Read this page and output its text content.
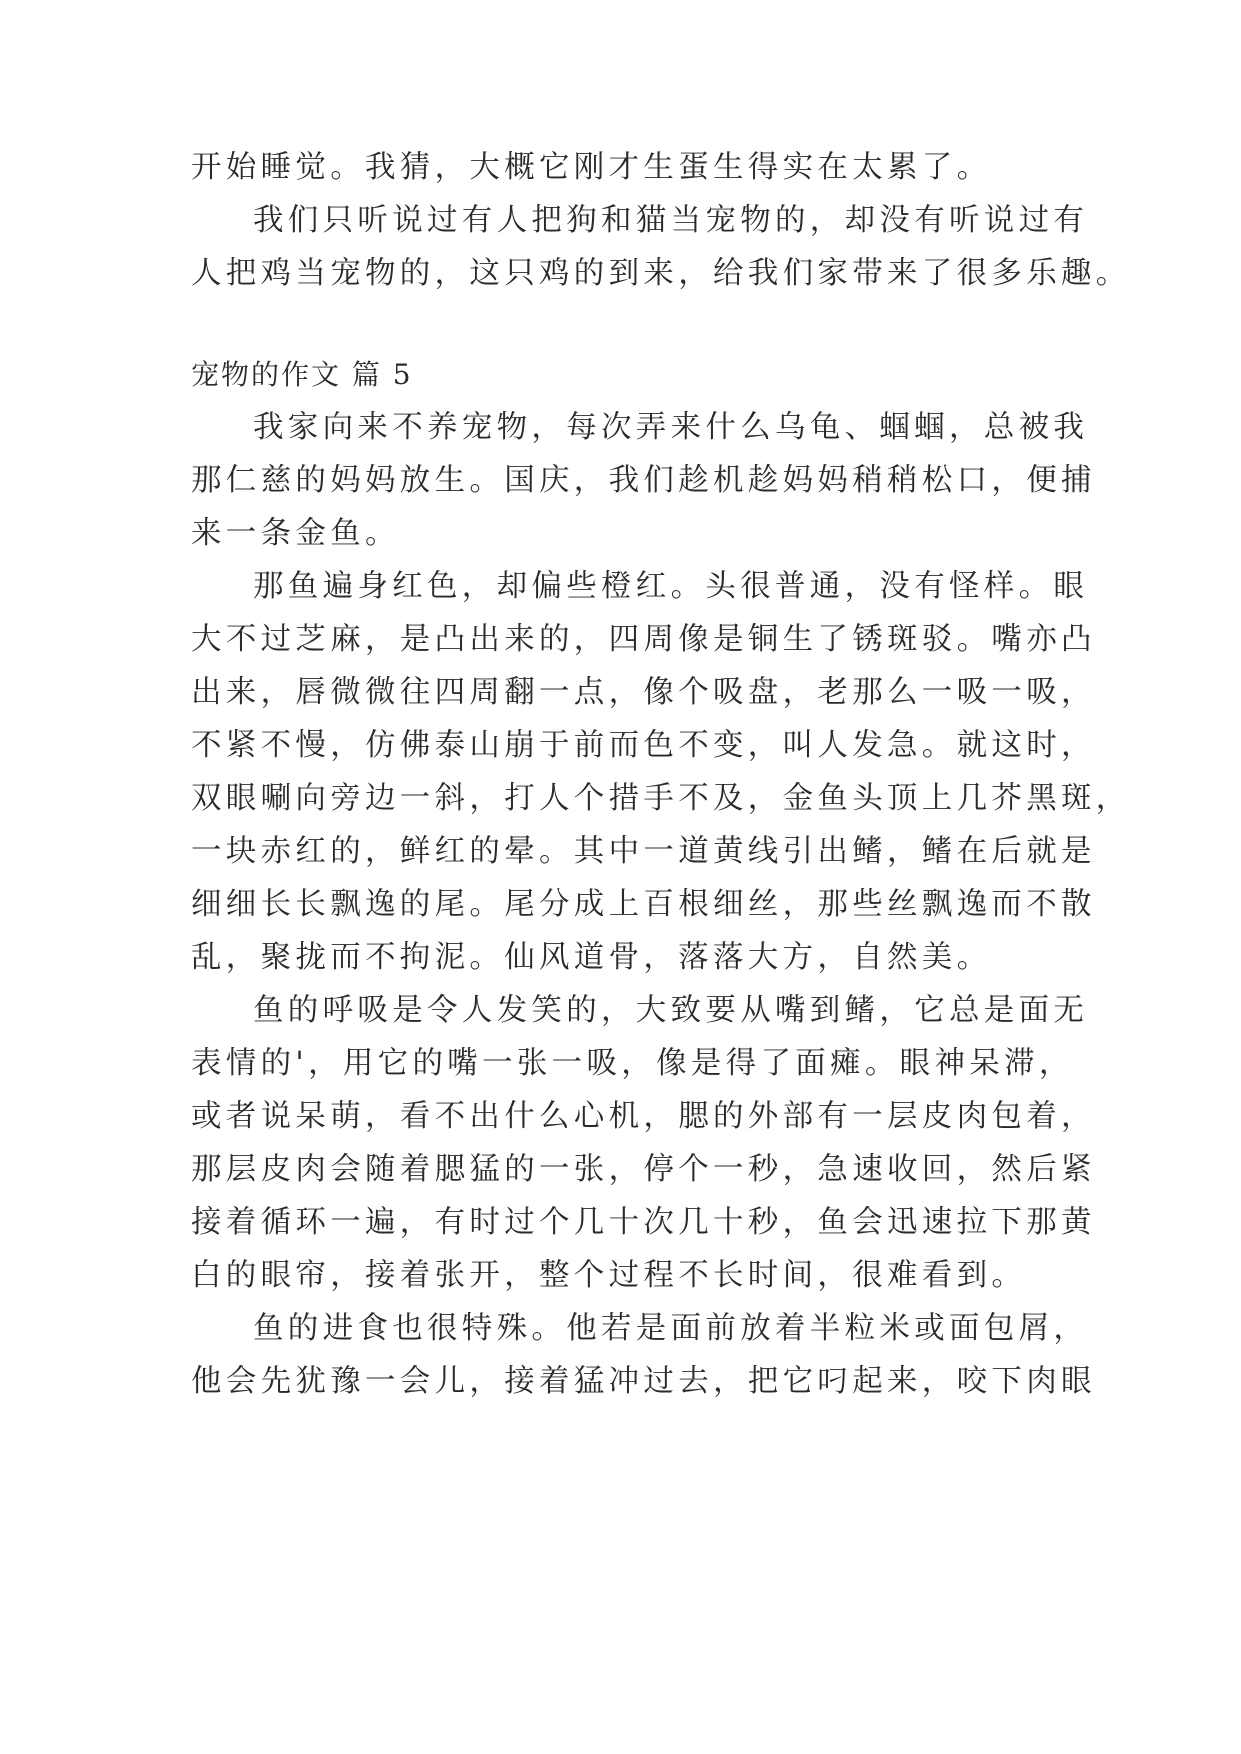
开始睡觉。我猜，大概它刚才生蛋生得实在太累了。
我们只听说过有人把狗和猫当宠物的，却没有听说过有
人把鸡当宠物的，这只鸡的到来，给我们家带来了很多乐趣。
宠物的作文 篇 5
我家向来不养宠物，每次弄来什么乌龟、蝈蝈，总被我
那仁慈的妈妈放生。国庆，我们趁机趁妈妈稍稍松口，便捕
来一条金鱼。
那鱼遍身红色，却偏些橙红。头很普通，没有怪样。眼
大不过芝麻，是凸出来的，四周像是铜生了锈斑驳。嘴亦凸
出来，唇微微往四周翻一点，像个吸盘，老那么一吸一吸，
不紧不慢，仿佛泰山崩于前而色不变，叫人发急。就这时，
双眼唰向旁边一斜，打人个措手不及，金鱼头顶上几芥黑斑，
一块赤红的，鲜红的晕。其中一道黄线引出鳍，鳍在后就是
细细长长飘逸的尾。尾分成上百根细丝，那些丝飘逸而不散
乱，聚拢而不拘泥。仙风道骨，落落大方，自然美。
鱼的呼吸是令人发笑的，大致要从嘴到鳍，它总是面无
表情的'，用它的嘴一张一吸，像是得了面瘫。眼神呆滞，
或者说呆萌，看不出什么心机，腮的外部有一层皮肉包着，
那层皮肉会随着腮猛的一张，停个一秒，急速收回，然后紧
接着循环一遍，有时过个几十次几十秒，鱼会迅速拉下那黄
白的眼帘，接着张开，整个过程不长时间，很难看到。
鱼的进食也很特殊。他若是面前放着半粒米或面包屑，
他会先犹豫一会儿，接着猛冲过去，把它叼起来，咬下肉眼
